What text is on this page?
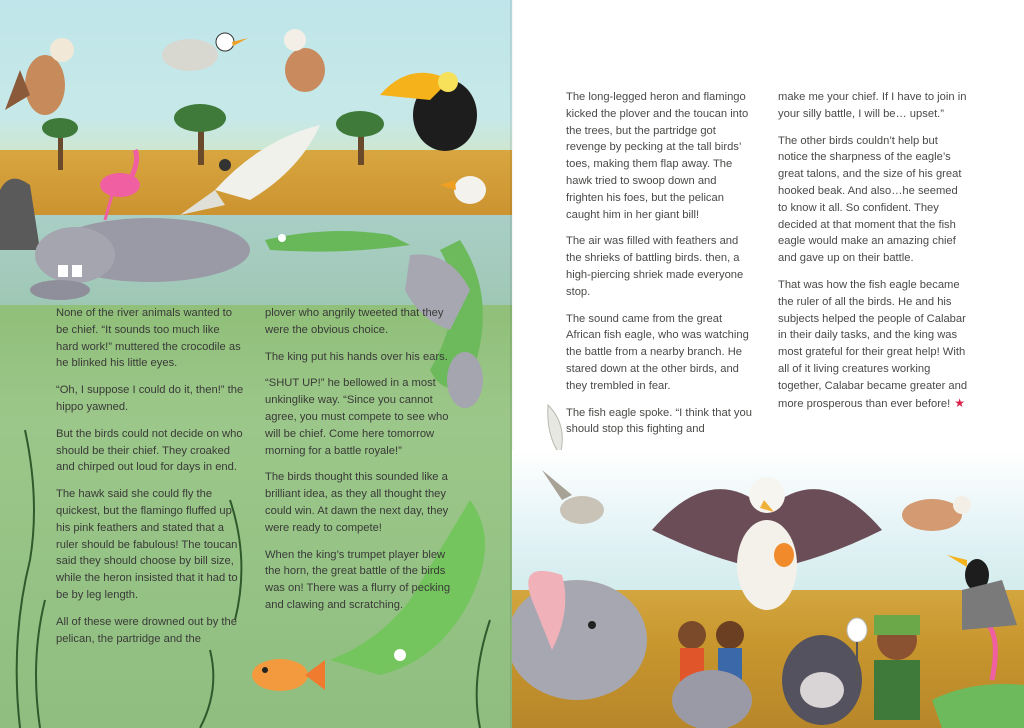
None of the river animals wanted to be chief. “It sounds too much like hard work!” muttered the crocodile as he blinked his little eyes.

“Oh, I suppose I could do it, then!” the hippo yawned.

But the birds could not decide on who should be their chief. They croaked and chirped out loud for days in end.

The hawk said she could fly the quickest, but the flamingo fluffed up his pink feathers and stated that a ruler should be fabulous! The toucan said they should choose by bill size, while the heron insisted that it had to be by leg length.

All of these were drowned out by the pelican, the partridge and the

plover who angrily tweeted that they were the obvious choice.

The king put his hands over his ears.

“SHUT UP!” he bellowed in a most unkinglike way. “Since you cannot agree, you must compete to see who will be chief. Come here tomorrow morning for a battle royale!”

The birds thought this sounded like a brilliant idea, as they all thought they could win. At dawn the next day, they were ready to compete!

When the king’s trumpet player blew the horn, the great battle of the birds was on! There was a flurry of pecking and clawing and scratching.

The long-legged heron and flamingo kicked the plover and the toucan into the trees, but the partridge got revenge by pecking at the tall birds’ toes, making them flap away. The hawk tried to swoop down and frighten his foes, but the pelican caught him in her giant bill!

The air was filled with feathers and the shrieks of battling birds. then, a high-piercing shriek made everyone stop.

The sound came from the great African fish eagle, who was watching the battle from a nearby branch. He stared down at the other birds, and they trembled in fear.

The fish eagle spoke. “I think that you should stop this fighting and

make me your chief. If I have to join in your silly battle, I will be… upset.”

The other birds couldn’t help but notice the sharpness of the eagle’s great talons, and the size of his great hooked beak. And also…he seemed to know it all. So confident. They decided at that moment that the fish eagle would make an amazing chief and gave up on their battle.

That was how the fish eagle became the ruler of all the birds. He and his subjects helped the people of Calabar in their daily tasks, and the king was most grateful for their great help! With all of it living creatures working together, Calabar became greater and more prosperous than ever before! ★
